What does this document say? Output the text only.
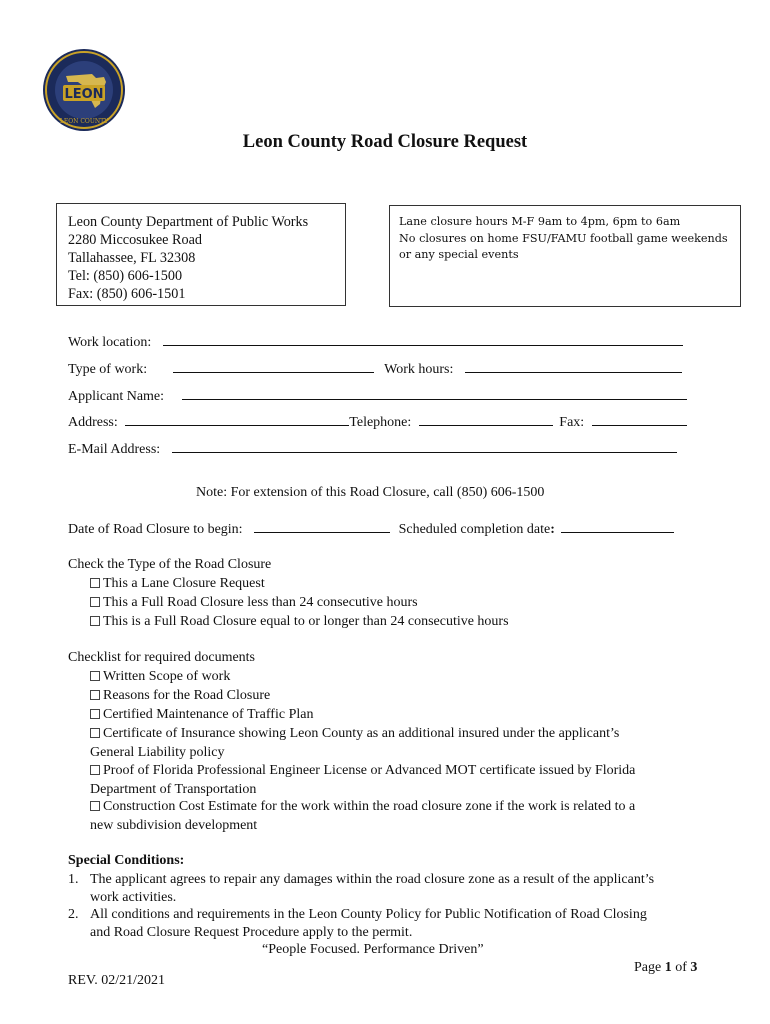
LEON
LEON COUNTY
Leon County Road Closure Request
Leon County Department of Public Works
2280 Miccosukee Road
Tallahassee, FL 32308
Tel: (850) 606-1500
Fax: (850) 606-1501
Lane closure hours M-F 9am to 4pm, 6pm to 6am
No closures on home FSU/FAMU football game weekends
or any special events
Work location:
Type of work:	Work hours:
Applicant Name:
Address:	Telephone:	Fax:
E-Mail Address:
Note: For extension of this Road Closure, call (850) 606-1500
Date of Road Closure to begin:	Scheduled completion date:
Check the Type of the Road Closure
This a Lane Closure Request
This a Full Road Closure less than 24 consecutive hours
This is a Full Road Closure equal to or longer than 24 consecutive hours
Checklist for required documents
Written Scope of work
Reasons for the Road Closure
Certified Maintenance of Traffic Plan
Certificate of Insurance showing Leon County as an additional insured under the applicant’s
General Liability policy
Proof of Florida Professional Engineer License or Advanced MOT certificate issued by Florida
Department of Transportation
Construction Cost Estimate for the work within the road closure zone if the work is related to a
new subdivision development
Special Conditions:
1. The applicant agrees to repair any damages within the road closure zone as a result of the applicant’s
work activities.
2. All conditions and requirements in the Leon County Policy for Public Notification of Road Closing
and Road Closure Request Procedure apply to the permit.
“People Focused. Performance Driven”
Page 1 of 3
REV. 02/21/2021
